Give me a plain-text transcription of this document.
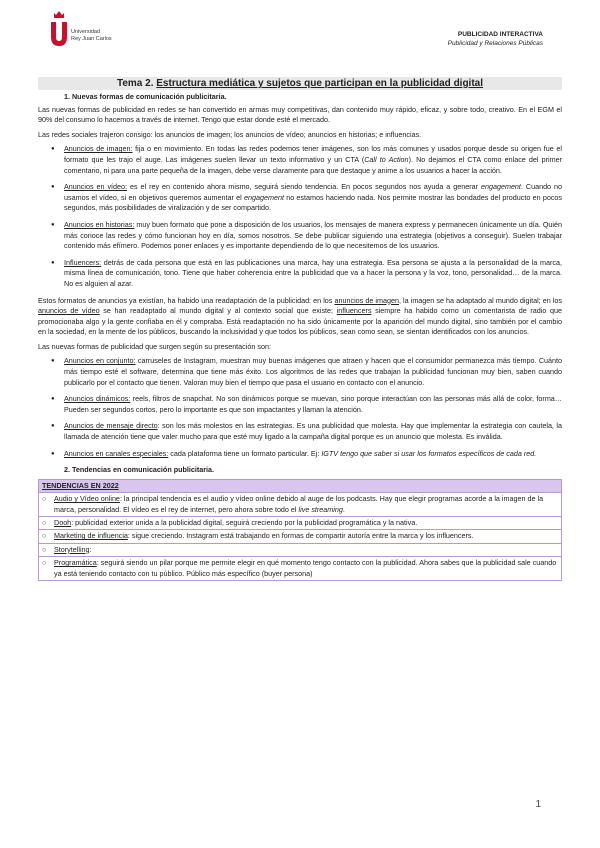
Universidad
Rey Juan Carlos
PUBLICIDAD INTERACTIVA
Publicidad y Relaciones Públicas
Tema 2. Estructura mediática y sujetos que participan en la publicidad digital
1. Nuevas formas de comunicación publicitaria.

Las nuevas formas de publicidad en redes se han convertido en armas muy competitivas, dan contenido muy rápido, eficaz, y sobre todo, creativo. En el EGM el 90% del consumo lo hacemos a través de internet. Tengo que estar donde esté el mercado.

Las redes sociales trajeron consigo: los anuncios de imagen; los anuncios de vídeo; anuncios en historias; e influencias.

● Anuncios de imagen: fija o en movimiento. En todas las redes podemos tener imágenes, son los más comunes y usados porque desde su origen fue el formato que les trajo el auge. Las imágenes suelen llevar un texto informativo y un CTA (Call to Action). No dejamos el CTA como enlace del primer comentario, ni para una parte pequeña de la imagen, debe verse claramente para que destaque y anime a los usuarios a hacer la acción.
● Anuncios en vídeo: es el rey en contenido ahora mismo, seguirá siendo tendencia. En pocos segundos nos ayuda a generar engagement. Cuando no usamos el vídeo, si en objetivos queremos aumentar el engagement no estamos haciendo nada. Nos permite mostrar las bondades del producto en pocos segundos, más posibilidades de viralización y de ser compartido.
● Anuncios en historias: muy buen formato que pone a disposición de los usuarios, los mensajes de manera express y permanecen únicamente un día. Quién más conoce las redes y cómo funcionan hoy en día, somos nosotros. Se debe publicar siguiendo una estrategia (objetivos a conseguir). Suelen trabajar contenido más efímero. Podemos poner enlaces y es importante dependiendo de lo que necesitemos de los usuarios.
● Influencers: detrás de cada persona que está en las publicaciones una marca, hay una estrategia. Esa persona se ajusta a la personalidad de la marca, misma línea de comunicación, tono. Tiene que haber coherencia entre la publicidad que va a hacer la persona y la voz, tono, personalidad… de la marca. No es alguien al azar.

Estos formatos de anuncios ya existían, ha habido una readaptación de la publicidad: en los anuncios de imagen, la imagen se ha adaptado al mundo digital; en los anuncios de vídeo se han readaptado al mundo digital y al contexto social que existe; influencers siempre ha habido como un comentarista de radio que promocionaba algo y la gente confiaba en él y compraba. Está readaptación no ha sido únicamente por la aparición del mundo digital, sino también por el cambio en la sociedad, en la mente de los públicos, buscando la inclusividad y que todos los públicos, sean como sean, se sientan identificados con los anuncios.

Las nuevas formas de publicidad que surgen según su presentación son:

● Anuncios en conjunto: carruseles de Instagram, muestran muy buenas imágenes que atraen y hacen que el consumidor permanezca más tiempo. Cuánto más tiempo esté el software, determina que tiene más éxito. Los algoritmos de las redes que trabajan la publicidad funcionan muy bien, saben cuando publicarlo por el contacto que tienen. Valoran muy bien el tiempo que pasa el usuario en contacto con el anuncio.
● Anuncios dinámicos: reels, filtros de snapchat. No son dinámicos porque se muevan, sino porque interactúan con las personas más allá de color, forma… Pueden ser segundos cortos, pero lo importante es que son impactantes y llaman la atención.
● Anuncios de mensaje directo: son los más molestos en las estrategias. Es una publicidad que molesta. Hay que implementar la estrategia con cautela, la llamada de atención tiene que valer mucho para que esté muy ligado a la campaña digital porque es un anuncio que molesta. Es inválida.
● Anuncios en canales especiales: cada plataforma tiene un formato particular. Ej: IGTV tengo que saber si usar los formatos específicos de cada red.
2. Tendencias en comunicación publicitaria.
TENDENCIAS EN 2022

○ Audio y Vídeo online: la principal tendencia es el audio y vídeo online debido al auge de los podcasts. Hay que elegir programas acorde a la imagen de la marca, personalidad. El vídeo es el rey de internet, pero ahora sobre todo el live streaming.

○ Dooh: publicidad exterior unida a la publicidad digital, seguirá creciendo por la publicidad programática y la nativa.

○ Marketing de influencia: sigue creciendo. Instagram está trabajando en formas de compartir autoría entre la marca y los influencers.

○ Storytelling:

○ Programática: seguirá siendo un pilar porque me permite elegir en qué momento tengo contacto con la publicidad. Ahora sabes que la publicidad sale cuando ya está teniendo contacto con tu público. Público más específico (buyer persona)
1
